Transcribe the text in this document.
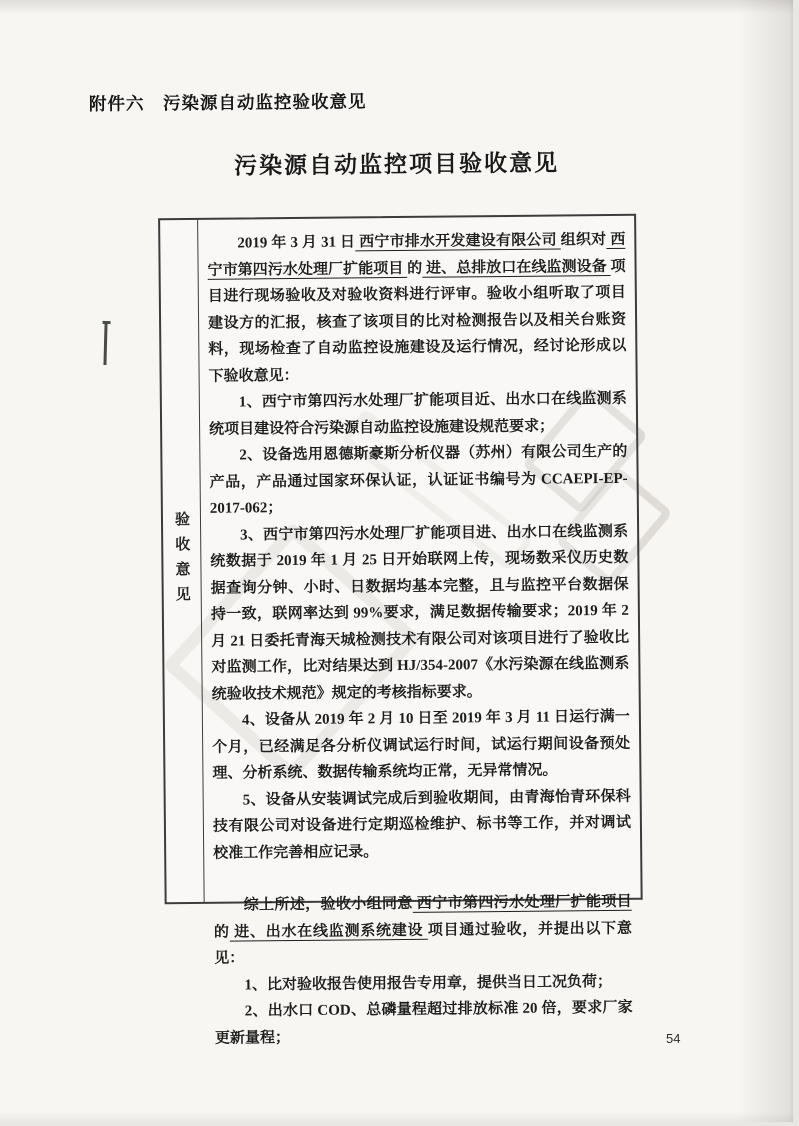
附件六　污染源自动监控验收意见
污染源自动监控项目验收意见
验收意见

2019 年 3 月 31 日 西宁市排水开发建设有限公司 组织对 西宁市第四污水处理厂扩能项目 的 进、总排放口在线监测设备 项目进行现场验收及对验收资料进行评审。验收小组听取了项目建设方的汇报，核查了该项目的比对检测报告以及相关台账资料，现场检查了自动监控设施建设及运行情况，经讨论形成以下验收意见：

1、西宁市第四污水处理厂扩能项目近、出水口在线监测系统项目建设符合污染源自动监控设施建设规范要求；

2、设备选用恩德斯豪斯分析仪器（苏州）有限公司生产的产品，产品通过国家环保认证，认证证书编号为 CCAEPI-EP-2017-062；

3、西宁市第四污水处理厂扩能项目进、出水口在线监测系统数据于 2019 年 1 月 25 日开始联网上传，现场数采仪历史数据查询分钟、小时、日数据均基本完整，且与监控平台数据保持一致，联网率达到 99%要求，满足数据传输要求；2019 年 2 月 21 日委托青海天城检测技术有限公司对该项目进行了验收比对监测工作，比对结果达到 HJ/354-2007《水污染源在线监测系统验收技术规范》规定的考核指标要求。

4、设备从 2019 年 2 月 10 日至 2019 年 3 月 11 日运行满一个月，已经满足各分析仪调试运行时间，试运行期间设备预处理、分析系统、数据传输系统均正常，无异常情况。

5、设备从安装调试完成后到验收期间，由青海怡青环保科技有限公司对设备进行定期巡检维护、标书等工作，并对调试校准工作完善相应记录。

综上所述，验收小组同意 西宁市第四污水处理厂扩能项目 的 进、出水在线监测系统建设 项目通过验收，并提出以下意见：

1、比对验收报告使用报告专用章，提供当日工况负荷；

2、出水口 COD、总磷量程超过排放标准 20 倍，要求厂家更新量程；	54
